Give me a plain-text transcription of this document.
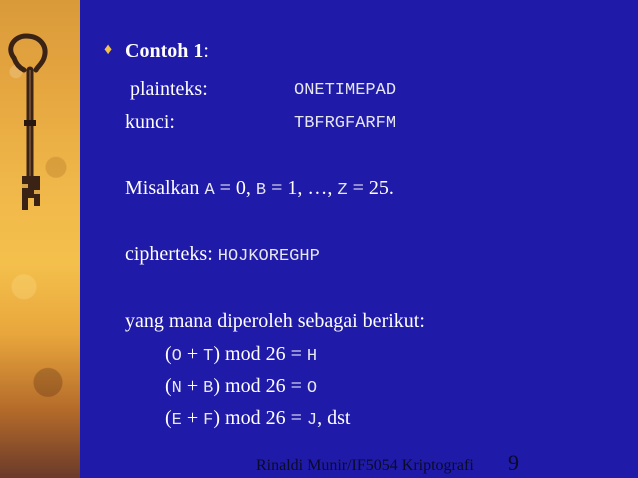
♦ Contoh 1:
plainteks:	ONETIMEPAD
kunci:	TBFRGFARFM
Misalkan A = 0, B = 1, …, Z = 25.
cipherteks: HOJKOREGHP
yang mana diperoleh sebagai berikut:
(O + T) mod 26 = H
(N + B) mod 26 = O
(E + F) mod 26 = J, dst
Rinaldi Munir/IF5054 Kriptografi 9
